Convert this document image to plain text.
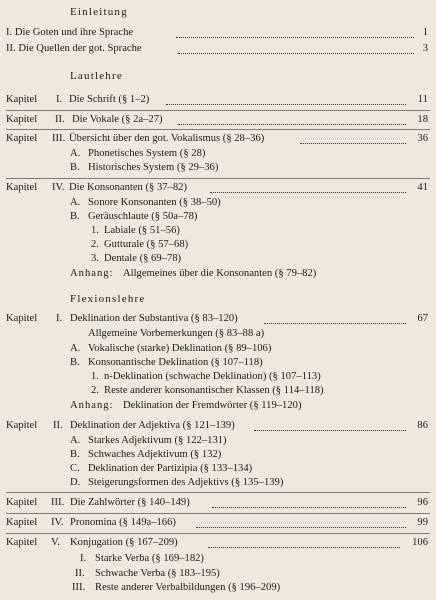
Einleitung
I. Die Goten und ihre Sprache	1
II. Die Quellen der got. Sprache	3
Lautlehre
Kapitel I. Die Schrift (§ 1–2)	11
Kapitel II. Die Vokale (§ 2a–27)	18
Kapitel III. Übersicht über den got. Vokalismus (§ 28–36)	36
A. Phonetisches System (§ 28)
B. Historisches System (§ 29–36)
Kapitel IV. Die Konsonanten (§ 37–82)	41
A. Sonore Konsonanten (§ 38–50)
B. Geräuschlaute (§ 50a–78)
1. Labiale (§ 51–56)
2. Gutturale (§ 57–68)
3. Dentale (§ 69–78)
Anhang: Allgemeines über die Konsonanten (§ 79–82)
Flexionslehre
Kapitel I. Deklination der Substantiva (§ 83–120)	67
Allgemeine Vorbemerkungen (§ 83–88 a)
A. Vokalische (starke) Deklination (§ 89–106)
B. Konsonantische Deklination (§ 107–118)
1. n-Deklination (schwache Deklination) (§ 107–113)
2. Reste anderer konsonantischer Klassen (§ 114–118)
Anhang: Deklination der Fremdwörter (§ 119–120)
Kapitel II. Deklination der Adjektiva (§ 121–139)	86
A. Starkes Adjektivum (§ 122–131)
B. Schwaches Adjektivum (§ 132)
C. Deklination der Partizipia (§ 133–134)
D. Steigerungsformen des Adjektivs (§ 135–139)
Kapitel III. Die Zahlwörter (§ 140–149)	96
Kapitel IV. Pronomina (§ 149a–166)	99
Kapitel V. Konjugation (§ 167–209)	106
I. Starke Verba (§ 169–182)
II. Schwache Verba (§ 183–195)
III. Reste anderer Verbalbildungen (§ 196–209)
